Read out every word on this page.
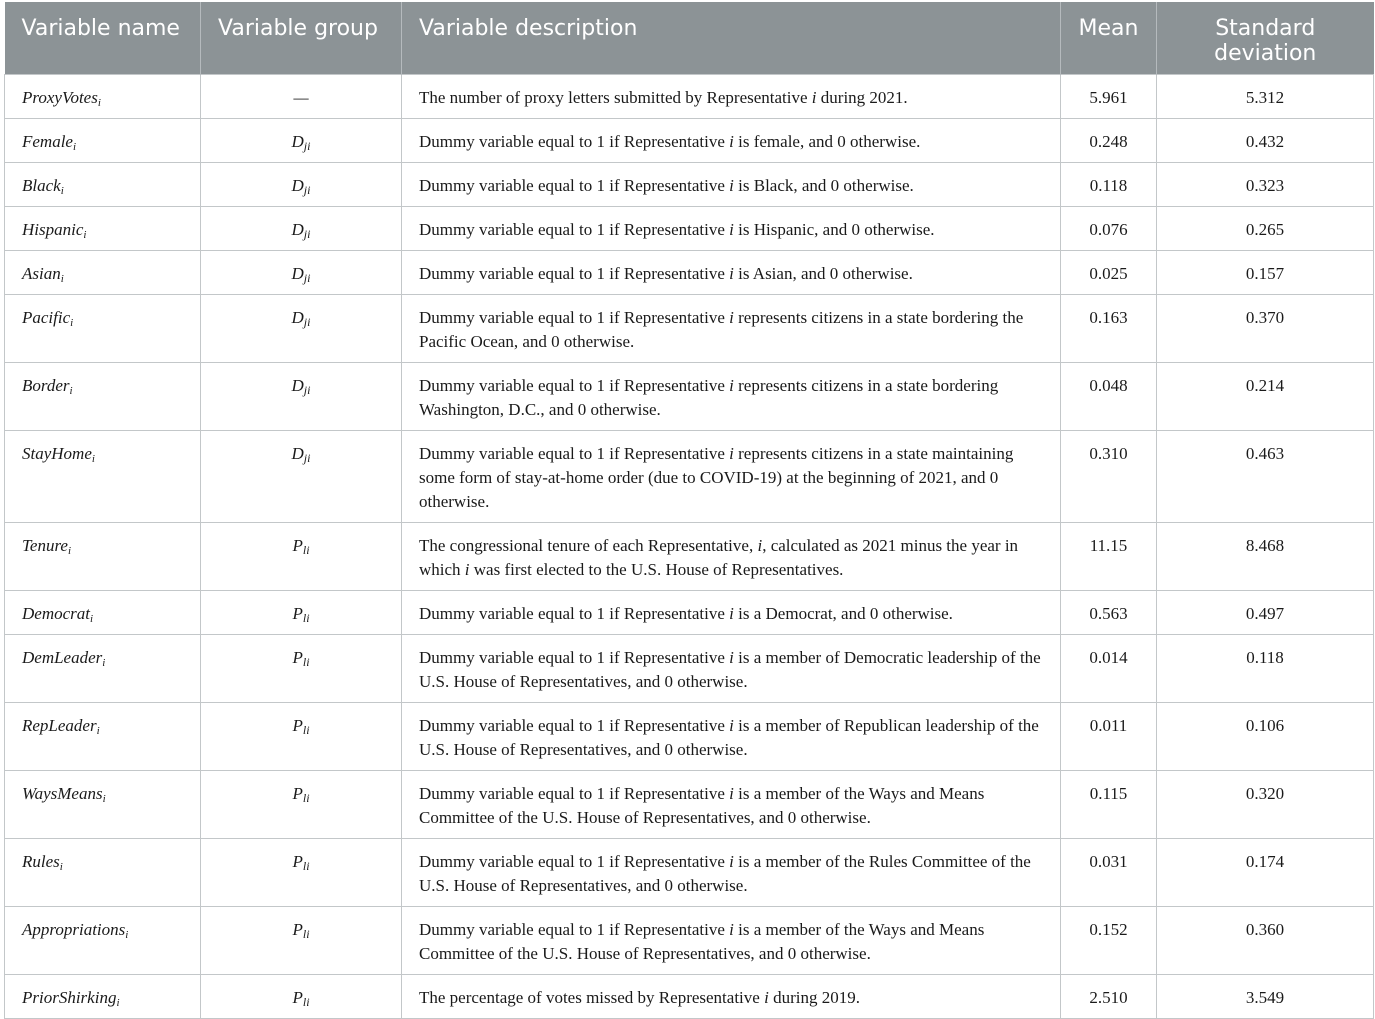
Variable name	Variable group	Variable description	Mean	Standard deviation
ProxyVotes$_i$	—	The number of proxy letters submitted by Representative i during 2021.	5.961	5.312
Female$_i$	$D_{ji}$	Dummy variable equal to 1 if Representative i is female, and 0 otherwise.	0.248	0.432
Black$_i$	$D_{ji}$	Dummy variable equal to 1 if Representative i is Black, and 0 otherwise.	0.118	0.323
Hispanic$_i$	$D_{ji}$	Dummy variable equal to 1 if Representative i is Hispanic, and 0 otherwise.	0.076	0.265
Asian$_i$	$D_{ji}$	Dummy variable equal to 1 if Representative i is Asian, and 0 otherwise.	0.025	0.157
Pacific$_i$	$D_{ji}$	Dummy variable equal to 1 if Representative i represents citizens in a state bordering the Pacific Ocean, and 0 otherwise.	0.163	0.370
Border$_i$	$D_{ji}$	Dummy variable equal to 1 if Representative i represents citizens in a state bordering Washington, D.C., and 0 otherwise.	0.048	0.214
StayHome$_i$	$D_{ji}$	Dummy variable equal to 1 if Representative i represents citizens in a state maintaining some form of stay-at-home order (due to COVID-19) at the beginning of 2021, and 0 otherwise.	0.310	0.463
Tenure$_i$	$P_{li}$	The congressional tenure of each Representative, i, calculated as 2021 minus the year in which i was first elected to the U.S. House of Representatives.	11.15	8.468
Democrat$_i$	$P_{li}$	Dummy variable equal to 1 if Representative i is a Democrat, and 0 otherwise.	0.563	0.497
DemLeader$_i$	$P_{li}$	Dummy variable equal to 1 if Representative i is a member of Democratic leadership of the U.S. House of Representatives, and 0 otherwise.	0.014	0.118
RepLeader$_i$	$P_{li}$	Dummy variable equal to 1 if Representative i is a member of Republican leadership of the U.S. House of Representatives, and 0 otherwise.	0.011	0.106
WaysMeans$_i$	$P_{li}$	Dummy variable equal to 1 if Representative i is a member of the Ways and Means Committee of the U.S. House of Representatives, and 0 otherwise.	0.115	0.320
Rules$_i$	$P_{li}$	Dummy variable equal to 1 if Representative i is a member of the Rules Committee of the U.S. House of Representatives, and 0 otherwise.	0.031	0.174
Appropriations$_i$	$P_{li}$	Dummy variable equal to 1 if Representative i is a member of the Ways and Means Committee of the U.S. House of Representatives, and 0 otherwise.	0.152	0.360
PriorShirking$_i$	$P_{li}$	The percentage of votes missed by Representative i during 2019.	2.510	3.549
